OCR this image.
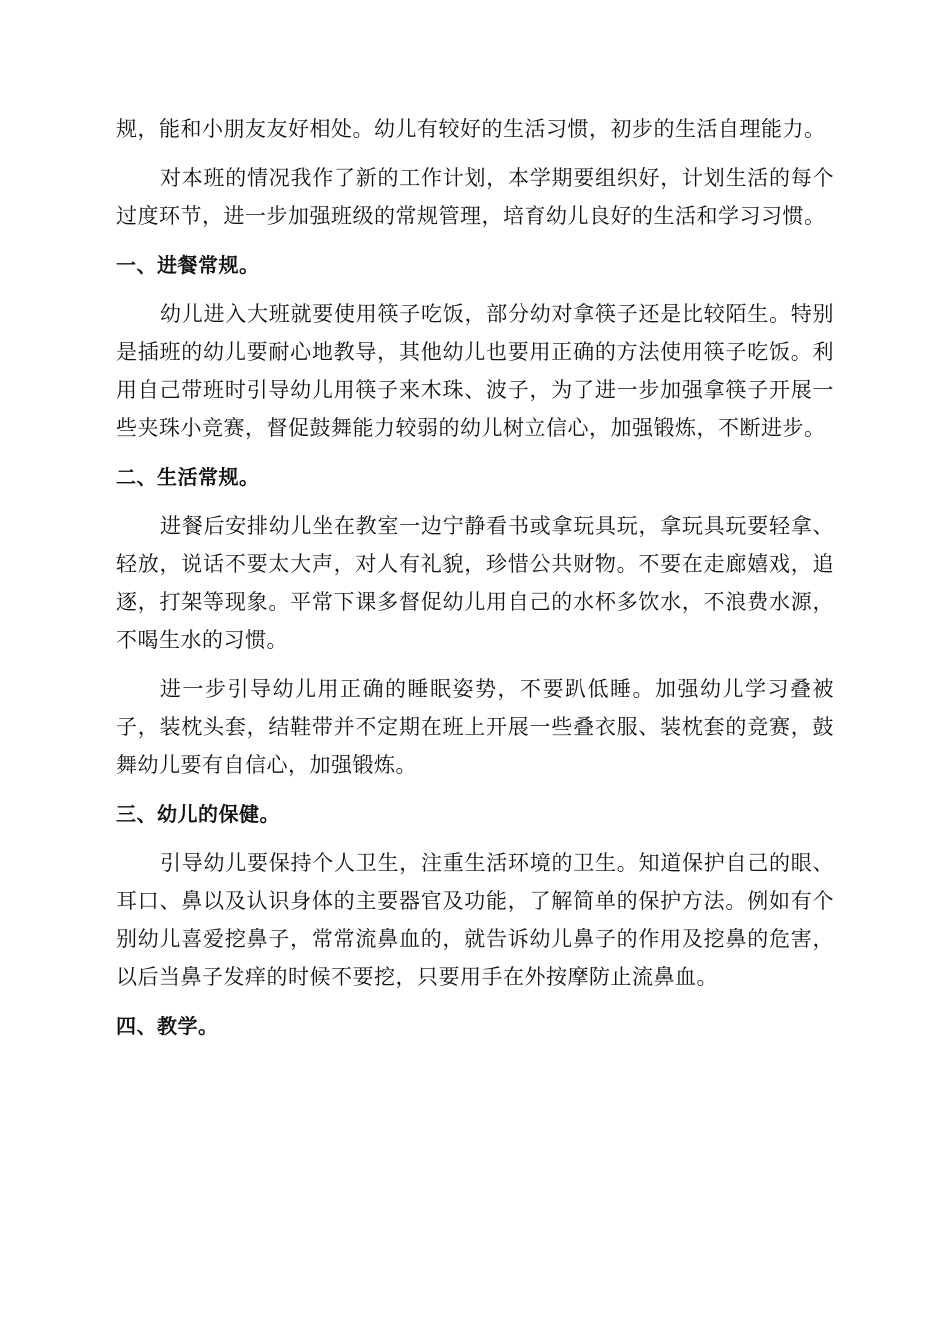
规，能和小朋友友好相处。幼儿有较好的生活习惯，初步的生活自理能力。

对本班的情况我作了新的工作计划，本学期要组织好，计划生活的每个过度环节，进一步加强班级的常规管理，培育幼儿良好的生活和学习习惯。

一、进餐常规。

幼儿进入大班就要使用筷子吃饭，部分幼对拿筷子还是比较陌生。特别是插班的幼儿要耐心地教导，其他幼儿也要用正确的方法使用筷子吃饭。利用自己带班时引导幼儿用筷子来木珠、波子，为了进一步加强拿筷子开展一些夹珠小竞赛，督促鼓舞能力较弱的幼儿树立信心，加强锻炼，不断进步。

二、生活常规。

进餐后安排幼儿坐在教室一边宁静看书或拿玩具玩，拿玩具玩要轻拿、轻放，说话不要太大声，对人有礼貌，珍惜公共财物。不要在走廊嬉戏，追逐，打架等现象。平常下课多督促幼儿用自己的水杯多饮水，不浪费水源，不喝生水的习惯。

进一步引导幼儿用正确的睡眠姿势，不要趴低睡。加强幼儿学习叠被子，装枕头套，结鞋带并不定期在班上开展一些叠衣服、装枕套的竞赛，鼓舞幼儿要有自信心，加强锻炼。

三、幼儿的保健。

引导幼儿要保持个人卫生，注重生活环境的卫生。知道保护自己的眼、耳口、鼻以及认识身体的主要器官及功能，了解简单的保护方法。例如有个别幼儿喜爱挖鼻子，常常流鼻血的，就告诉幼儿鼻子的作用及挖鼻的危害，以后当鼻子发痒的时候不要挖，只要用手在外按摩防止流鼻血。

四、教学。
